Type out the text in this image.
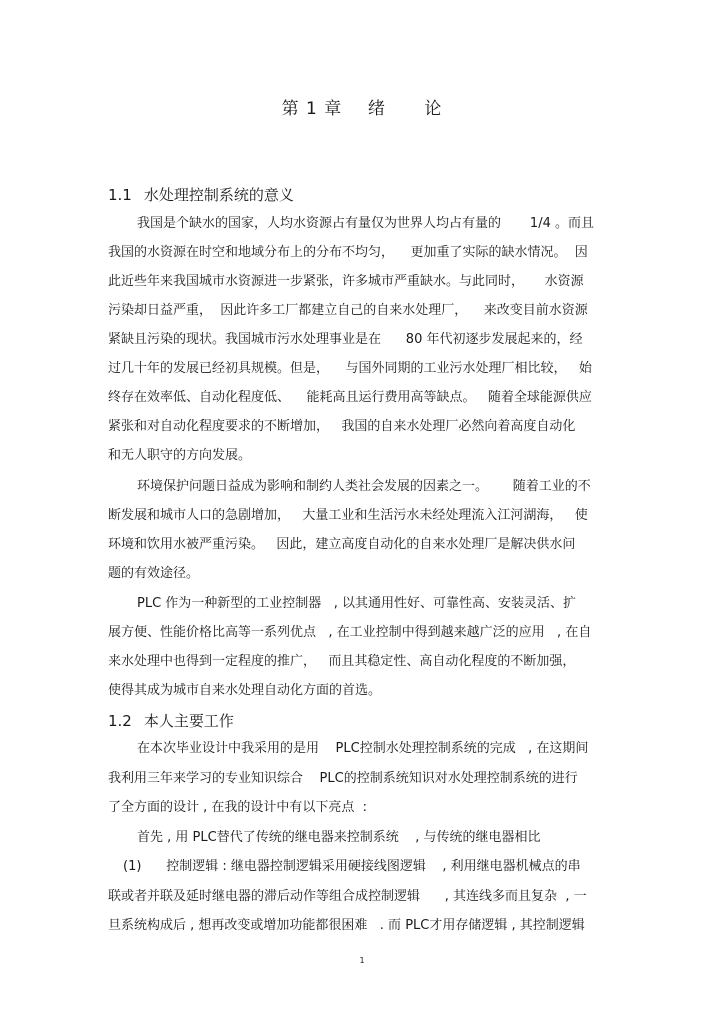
第 1 章    绪      论
1.1 水处理控制系统的意义
我国是个缺水的国家，人均水资源占有量仅为世界人均占有量的       1/4 。而且
我国的水资源在时空和地域分布上的分布不均匀，    更加重了实际的缺水情况。  因
此近些年来我国城市水资源进一步紧张，许多城市严重缺水。与此同时，     水资源
污染却日益严重，  因此许多工厂都建立自己的自来水处理厂，    来改变目前水资源
紧缺且污染的现状。我国城市污水处理事业是在      80 年代初逐步发展起来的，经
过几十年的发展已经初具规模。但是，    与国外同期的工业污水处理厂相比较，   始
终存在效率低、自动化程度低、    能耗高且运行费用高等缺点。   随着全球能源供应
紧张和对自动化程度要求的不断增加，   我国的自来水处理厂必然向着高度自动化
和无人职守的方向发展。
环境保护问题日益成为影响和制约人类社会发展的因素之一。      随着工业的不
断发展和城市人口的急剧增加，   大量工业和生活污水未经处理流入江河湖海，   使
环境和饮用水被严重污染。   因此，建立高度自动化的自来水处理厂是解决供水问
题的有效途径。
PLC 作为一种新型的工业控制器   , 以其通用性好、可靠性高、安装灵活、扩
展方便、性能价格比高等一系列优点   , 在工业控制中得到越来越广泛的应用   , 在自
来水处理中也得到一定程度的推广，   而且其稳定性、高自动化程度的不断加强，
使得其成为城市自来水处理自动化方面的首选。
1.2 本人主要工作
在本次毕业设计中我采用的是用    PLC控制水处理控制系统的完成   , 在这期间
我利用三年来学习的专业知识综合    PLC的控制系统知识对水处理控制系统的进行
了全方面的设计 , 在我的设计中有以下亮点  :
首先 , 用 PLC替代了传统的继电器来控制系统    , 与传统的继电器相比
(1)      控制逻辑 : 继电器控制逻辑采用硬接线图逻辑    , 利用继电器机械点的串
联或者并联及延时继电器的滞后动作等组合成控制逻辑      , 其连线多而且复杂  , 一
旦系统构成后 , 想再改变或增加功能都很困难   . 而 PLC才用存储逻辑 , 其控制逻辑
1
